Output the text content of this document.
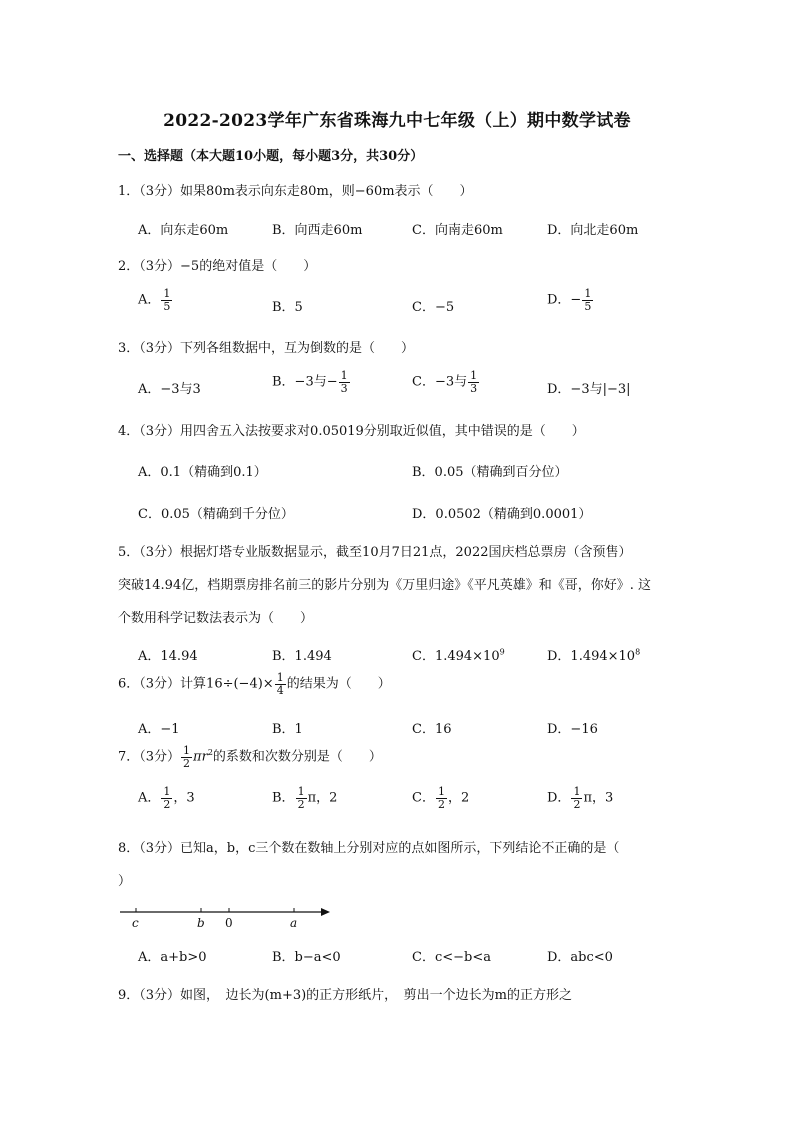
2022-2023学年广东省珠海九中七年级（上）期中数学试卷
一、选择题（本大题10小题，每小题3分，共30分）
1．（3分）如果80m表示向东走80m，则−60m表示（　　）
A．向东走60m	B．向西走60m	C．向南走60m	D．向北走60m
2．（3分）−5的绝对值是（　　）
A． $\frac{1}{5}$	B．5	C．−5	D．− $\frac{1}{5}$
3．（3分）下列各组数据中，互为倒数的是（　　）
A．−3与3	B．−3与− $\frac{1}{3}$	C．−3与 $\frac{1}{3}$	D．−3与|−3|
4．（3分）用四舍五入法按要求对0.05019分别取近似值，其中错误的是（　　）
A．0.1（精确到0.1）	B．0.05（精确到百分位）
C．0.05（精确到千分位）	D．0.0502（精确到0.0001）
5．（3分）根据灯塔专业版数据显示，截至10月7日21点，2022国庆档总票房（含预售）
突破14.94亿，档期票房排名前三的影片分别为《万里归途》《平凡英雄》和《哥，你好》. 这
个数用科学记数法表示为（　　）
A．14.94	B．1.494	C．$1.494\times 10^9$	D．$1.494\times 10^8$
6．（3分）计算$16\div(-4)\times \frac{1}{4}$ 的结果为（　　）
A．−1	B．1	C．16	D．−16
7．（3分） $\frac{1}{2} \pi r^2$的系数和次数分别是（　　）
A． $\frac{1}{2}$ ，3	B． $\frac{1}{2}$ π，2	C． $\frac{1}{2}$ ，2	D． $\frac{1}{2}$ π，3
8．（3分）已知a，b，c三个数在数轴上分别对应的点如图所示，下列结论不正确的是（
）
c	b 0	a
A．a+b>0	B．b−a<0	C．c<−b<a	D．abc<0
9．（3分）如图，　边长为(m+3)的正方形纸片，　剪出一个边长为m的正方形之
